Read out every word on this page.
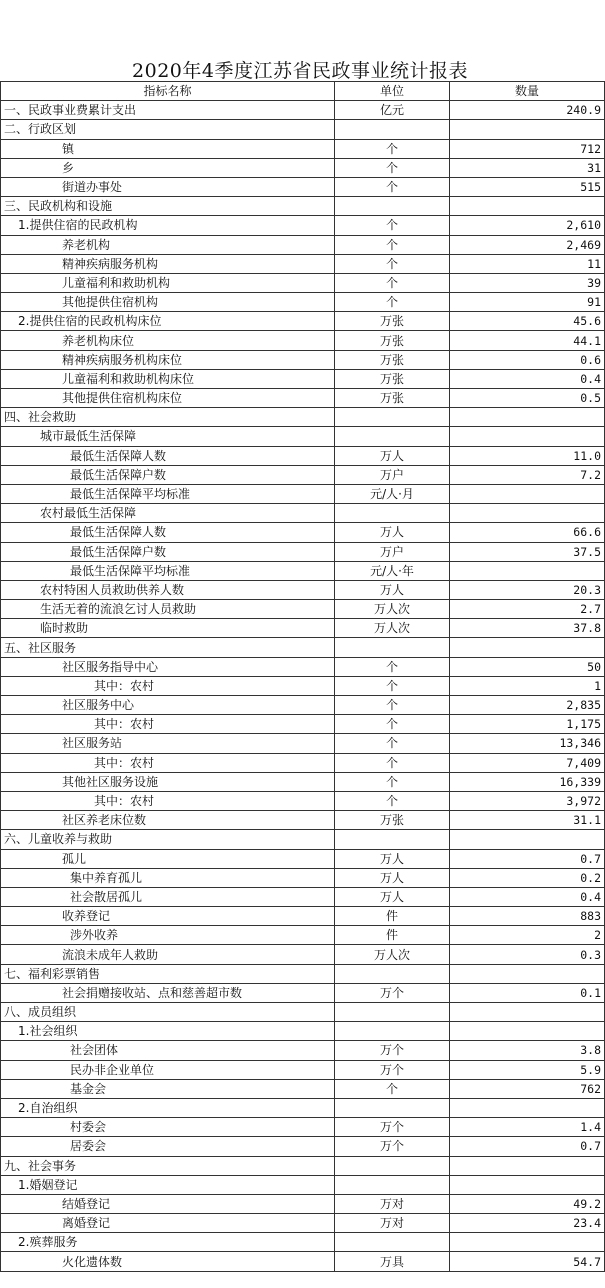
2020年4季度江苏省民政事业统计报表
指标名称	单位	数量
一、民政事业费累计支出	亿元	240.9
二、行政区划		
镇	个	712
乡	个	31
街道办事处	个	515
三、民政机构和设施		
1.提供住宿的民政机构	个	2,610
养老机构	个	2,469
精神疾病服务机构	个	11
儿童福利和救助机构	个	39
其他提供住宿机构	个	91
2.提供住宿的民政机构床位	万张	45.6
养老机构床位	万张	44.1
精神疾病服务机构床位	万张	0.6
儿童福利和救助机构床位	万张	0.4
其他提供住宿机构床位	万张	0.5
四、社会救助		
城市最低生活保障		
最低生活保障人数	万人	11.0
最低生活保障户数	万户	7.2
最低生活保障平均标准	元/人·月	
农村最低生活保障		
最低生活保障人数	万人	66.6
最低生活保障户数	万户	37.5
最低生活保障平均标准	元/人·年	
农村特困人员救助供养人数	万人	20.3
生活无着的流浪乞讨人员救助	万人次	2.7
临时救助	万人次	37.8
五、社区服务		
社区服务指导中心	个	50
其中：农村	个	1
社区服务中心	个	2,835
其中：农村	个	1,175
社区服务站	个	13,346
其中：农村	个	7,409
其他社区服务设施	个	16,339
其中：农村	个	3,972
社区养老床位数	万张	31.1
六、儿童收养与救助		
孤儿	万人	0.7
集中养育孤儿	万人	0.2
社会散居孤儿	万人	0.4
收养登记	件	883
涉外收养	件	2
流浪未成年人救助	万人次	0.3
七、福利彩票销售		
社会捐赠接收站、点和慈善超市数	万个	0.1
八、成员组织		
1.社会组织		
社会团体	万个	3.8
民办非企业单位	万个	5.9
基金会	个	762
2.自治组织		
村委会	万个	1.4
居委会	万个	0.7
九、社会事务		
1.婚姻登记		
结婚登记	万对	49.2
离婚登记	万对	23.4
2.殡葬服务		
火化遗体数	万具	54.7
